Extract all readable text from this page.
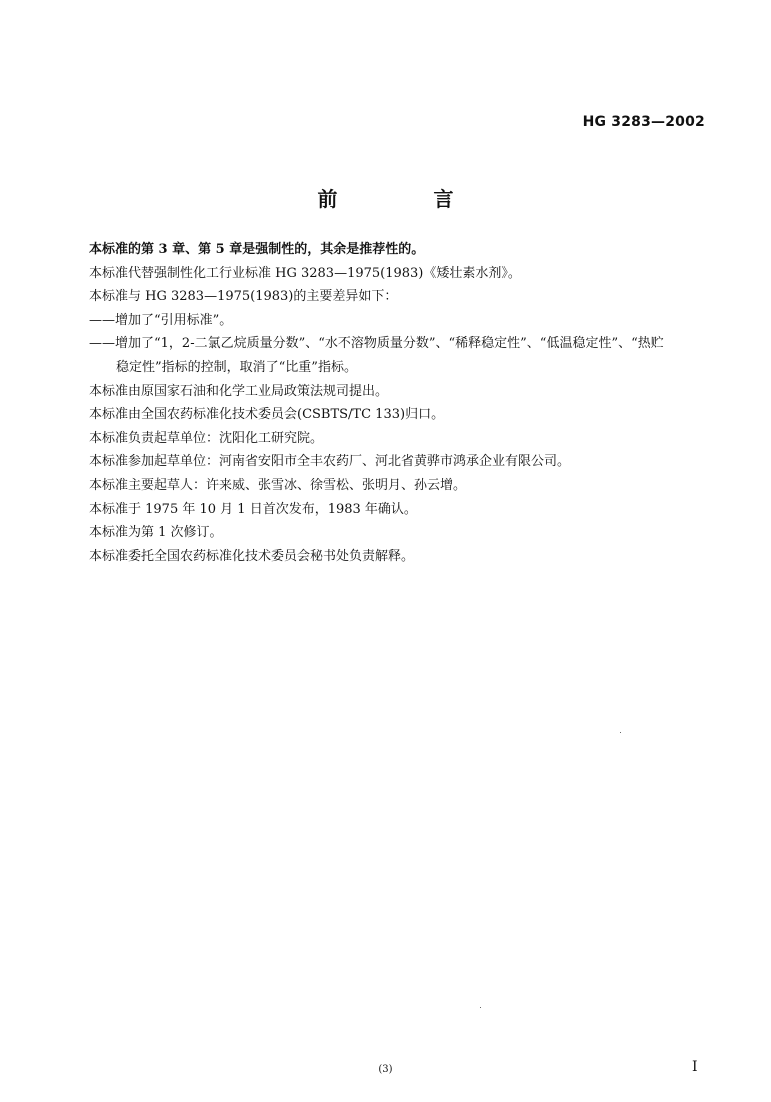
HG 3283—2002
前　言
本标准的第 3 章、第 5 章是强制性的，其余是推荐性的。
本标准代替强制性化工行业标准 HG 3283—1975(1983)《矮壮素水剂》。
本标准与 HG 3283—1975(1983)的主要差异如下：
——增加了“引用标准”。
——增加了“1，2-二氯乙烷质量分数”、“水不溶物质量分数”、“稀释稳定性”、“低温稳定性”、“热贮
稳定性”指标的控制，取消了“比重”指标。
本标准由原国家石油和化学工业局政策法规司提出。
本标准由全国农药标准化技术委员会(CSBTS/TC 133)归口。
本标准负责起草单位：沈阳化工研究院。
本标准参加起草单位：河南省安阳市全丰农药厂、河北省黄骅市鸿承企业有限公司。
本标准主要起草人：许来威、张雪冰、徐雪松、张明月、孙云增。
本标准于 1975 年 10 月 1 日首次发布，1983 年确认。
本标准为第 1 次修订。
本标准委托全国农药标准化技术委员会秘书处负责解释。
(3)	I
